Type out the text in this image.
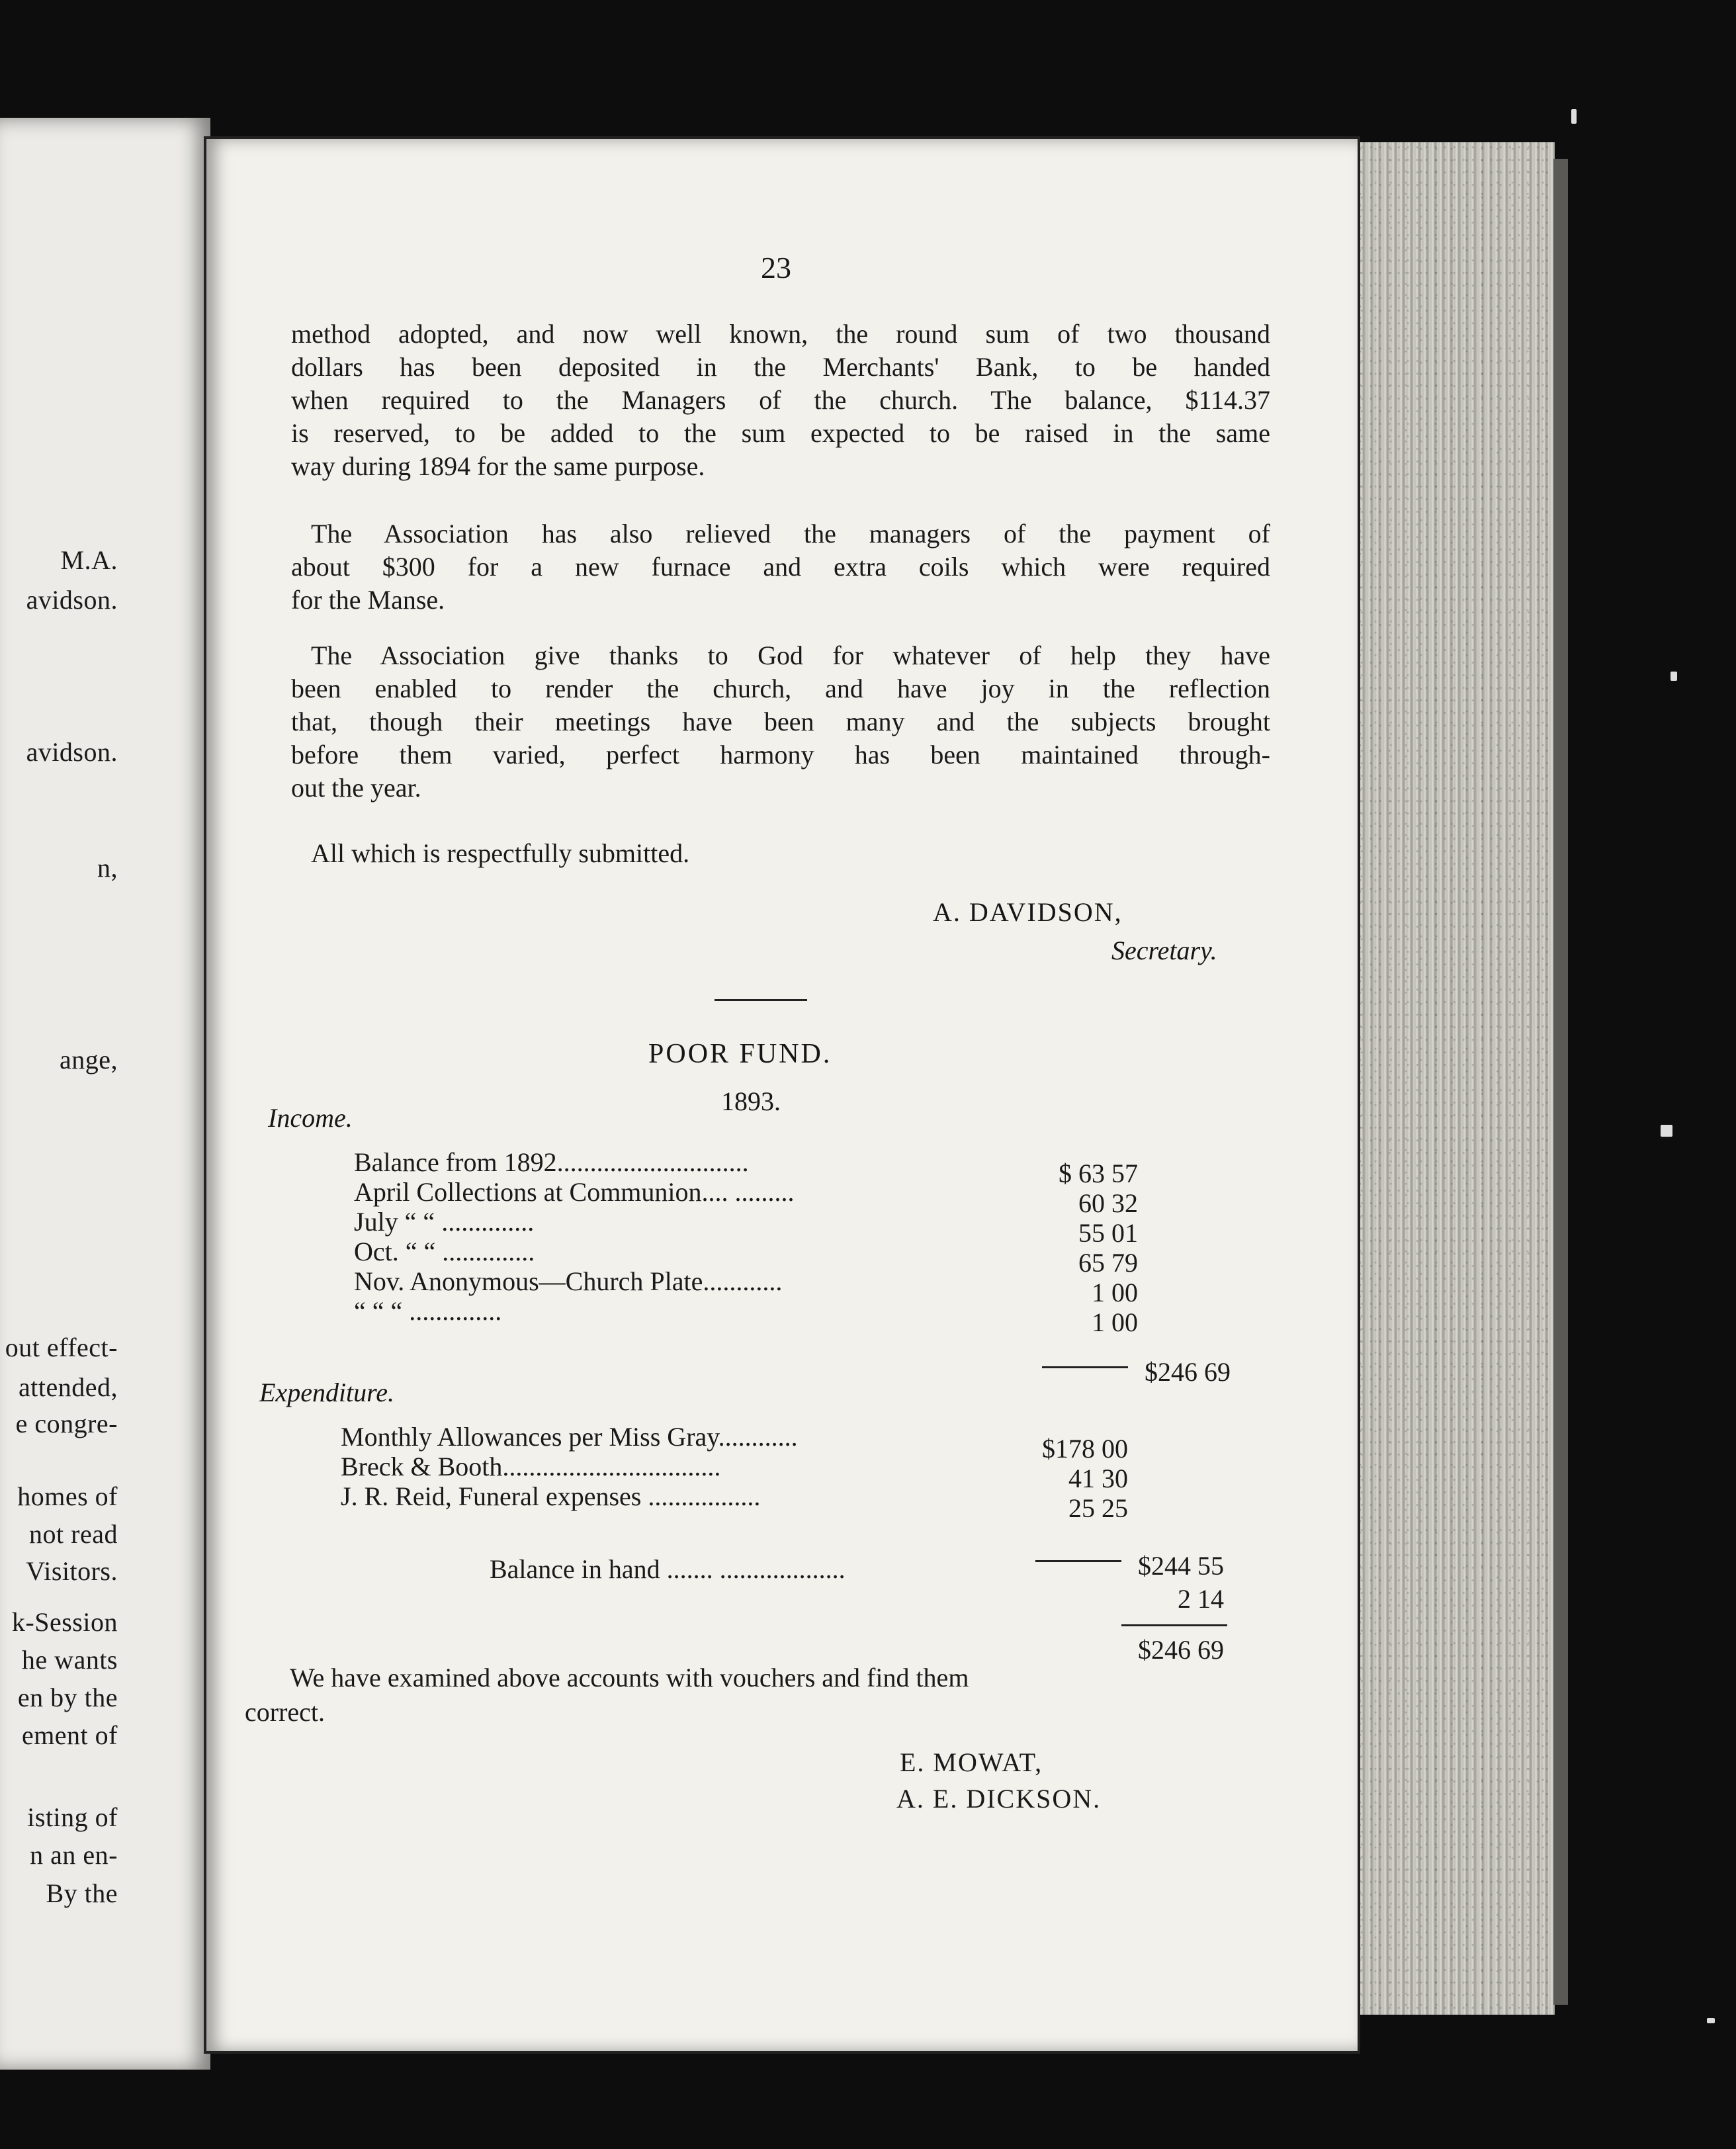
M.A.
avidson.
avidson.
n,
ange,
out effect-
attended,
e congre-
homes of
not read
Visitors.
k-Session
he wants
en by the
ement of
isting of
n an en-
By the
23
method adopted, and now well known, the round sum of two thousand
dollars has been deposited in the Merchants' Bank, to be handed
when required to the Managers of the church. The balance, $114.37
is reserved, to be added to the sum expected to be raised in the same
way during 1894 for the same purpose.
The Association has also relieved the managers of the payment of
about $300 for a new furnace and extra coils which were required
for the Manse.
The Association give thanks to God for whatever of help they have
been enabled to render the church, and have joy in the reflection
that, though their meetings have been many and the subjects brought
before them varied, perfect harmony has been maintained through-
out the year.
All which is respectfully submitted.
A. DAVIDSON,
Secretary.
POOR FUND.
1893.
Income.
Balance from 1892.............................
April Collections at Communion.... .........
July “ “ ..............
Oct. “ “ ..............
Nov. Anonymous—Church Plate............
“ “ “ ..............
$ 63 57
60 32
55 01
65 79
1 00
1 00
$246 69
Expenditure.
Monthly Allowances per Miss Gray............
Breck & Booth.................................
J. R. Reid, Funeral expenses .................
$178 00
41 30
25 25
$244 55
Balance in hand ....... ...................
2 14
$246 69
We have examined above accounts with vouchers and find them
correct.
E. MOWAT,
A. E. DICKSON.
